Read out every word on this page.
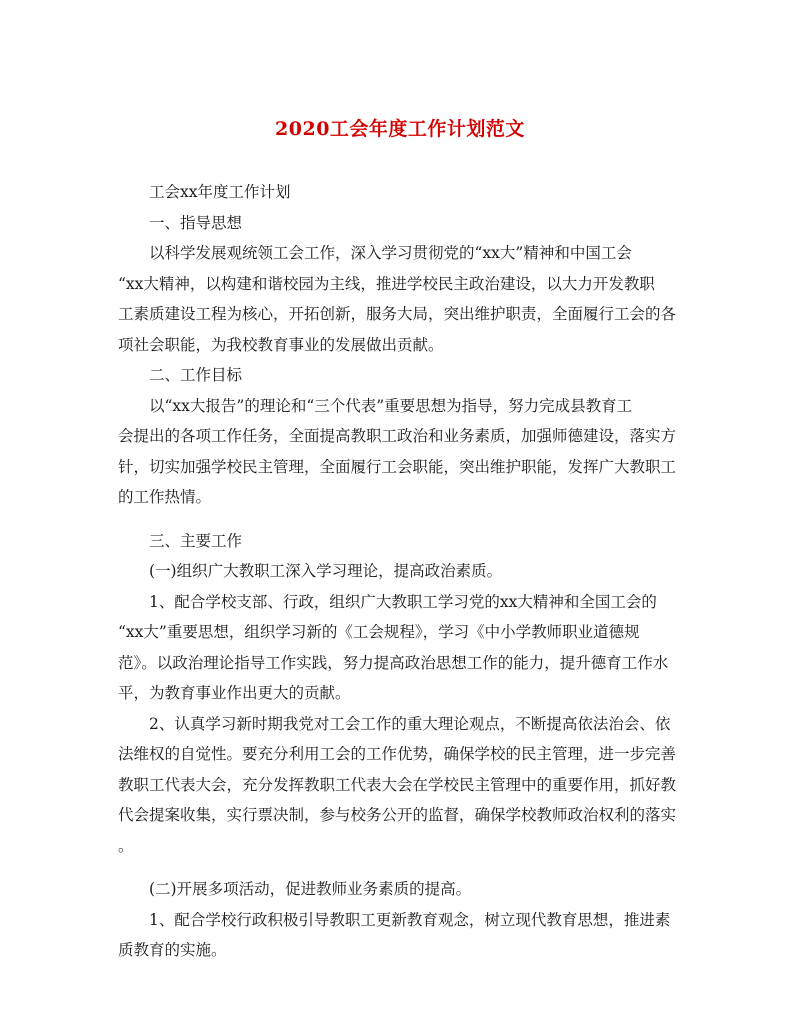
2020工会年度工作计划范文
工会xx年度工作计划
一、指导思想
以科学发展观统领工会工作，深入学习贯彻党的“xx大”精神和中国工会
“xx大精神，以构建和谐校园为主线，推进学校民主政治建设，以大力开发教职
工素质建设工程为核心，开拓创新，服务大局，突出维护职责，全面履行工会的各
项社会职能，为我校教育事业的发展做出贡献。
二、工作目标
以“xx大报告”的理论和“三个代表”重要思想为指导，努力完成县教育工
会提出的各项工作任务，全面提高教职工政治和业务素质，加强师德建设，落实方
针，切实加强学校民主管理，全面履行工会职能，突出维护职能，发挥广大教职工
的工作热情。
三、主要工作
(一)组织广大教职工深入学习理论，提高政治素质。
1、配合学校支部、行政，组织广大教职工学习党的xx大精神和全国工会的
“xx大”重要思想，组织学习新的《工会规程》，学习《中小学教师职业道德规
范》。以政治理论指导工作实践，努力提高政治思想工作的能力，提升德育工作水
平，为教育事业作出更大的贡献。
2、认真学习新时期我党对工会工作的重大理论观点，不断提高依法治会、依
法维权的自觉性。要充分利用工会的工作优势，确保学校的民主管理，进一步完善
教职工代表大会，充分发挥教职工代表大会在学校民主管理中的重要作用，抓好教
代会提案收集，实行票决制，参与校务公开的监督，确保学校教师政治权利的落实
。
(二)开展多项活动，促进教师业务素质的提高。
1、配合学校行政积极引导教职工更新教育观念，树立现代教育思想，推进素
质教育的实施。
